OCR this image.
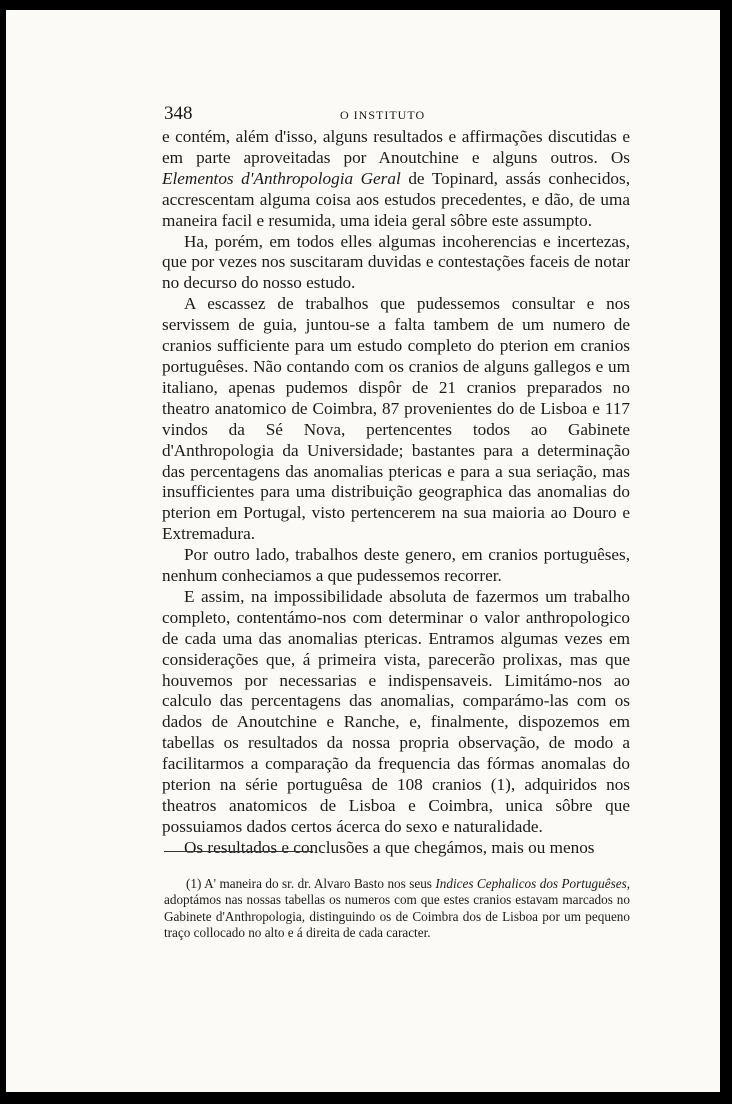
348	O INSTITUTO

e contém, além d'isso, alguns resultados e affirmações discutidas e em parte aproveitadas por Anoutchine e alguns outros. Os Elementos d'Anthropologia Geral de Topinard, assás conhecidos, accrescentam alguma coisa aos estudos precedentes, e dão, de uma maneira facil e resumida, uma ideia geral sôbre este assumpto.

Ha, porém, em todos elles algumas incoherencias e incertezas, que por vezes nos suscitaram duvidas e contestações faceis de notar no decurso do nosso estudo.

A escassez de trabalhos que pudessemos consultar e nos servissem de guia, juntou-se a falta tambem de um numero de cranios sufficiente para um estudo completo do pterion em cranios portuguêses. Não contando com os cranios de alguns gallegos e um italiano, apenas pudemos dispôr de 21 cranios preparados no theatro anatomico de Coimbra, 87 provenientes do de Lisboa e 117 vindos da Sé Nova, pertencentes todos ao Gabinete d'Anthropologia da Universidade; bastantes para a determinação das percentagens das anomalias ptericas e para a sua seriação, mas insufficientes para uma distribuição geographica das anomalias do pterion em Portugal, visto pertencerem na sua maioria ao Douro e Extremadura.

Por outro lado, trabalhos deste genero, em cranios portuguêses, nenhum conheciamos a que pudessemos recorrer.

E assim, na impossibilidade absoluta de fazermos um trabalho completo, contentámo-nos com determinar o valor anthropologico de cada uma das anomalias ptericas. Entramos algumas vezes em considerações que, á primeira vista, parecerão prolixas, mas que houvemos por necessarias e indispensaveis. Limitámo-nos ao calculo das percentagens das anomalias, comparámo-las com os dados de Anoutchine e Ranche, e, finalmente, dispozemos em tabellas os resultados da nossa propria observação, de modo a facilitarmos a comparação da frequencia das fórmas anomalas do pterion na série portuguêsa de 108 cranios (1), adquiridos nos theatros anatomicos de Lisboa e Coimbra, unica sôbre que possuiamos dados certos ácerca do sexo e naturalidade.

Os resultados e conclusões a que chegámos, mais ou menos

(1) A' maneira do sr. dr. Alvaro Basto nos seus Indices Cephalicos dos Portuguêses, adoptámos nas nossas tabellas os numeros com que estes cranios estavam marcados no Gabinete d'Anthropologia, distinguindo os de Coimbra dos de Lisboa por um pequeno traço collocado no alto e á direita de cada caracter.
